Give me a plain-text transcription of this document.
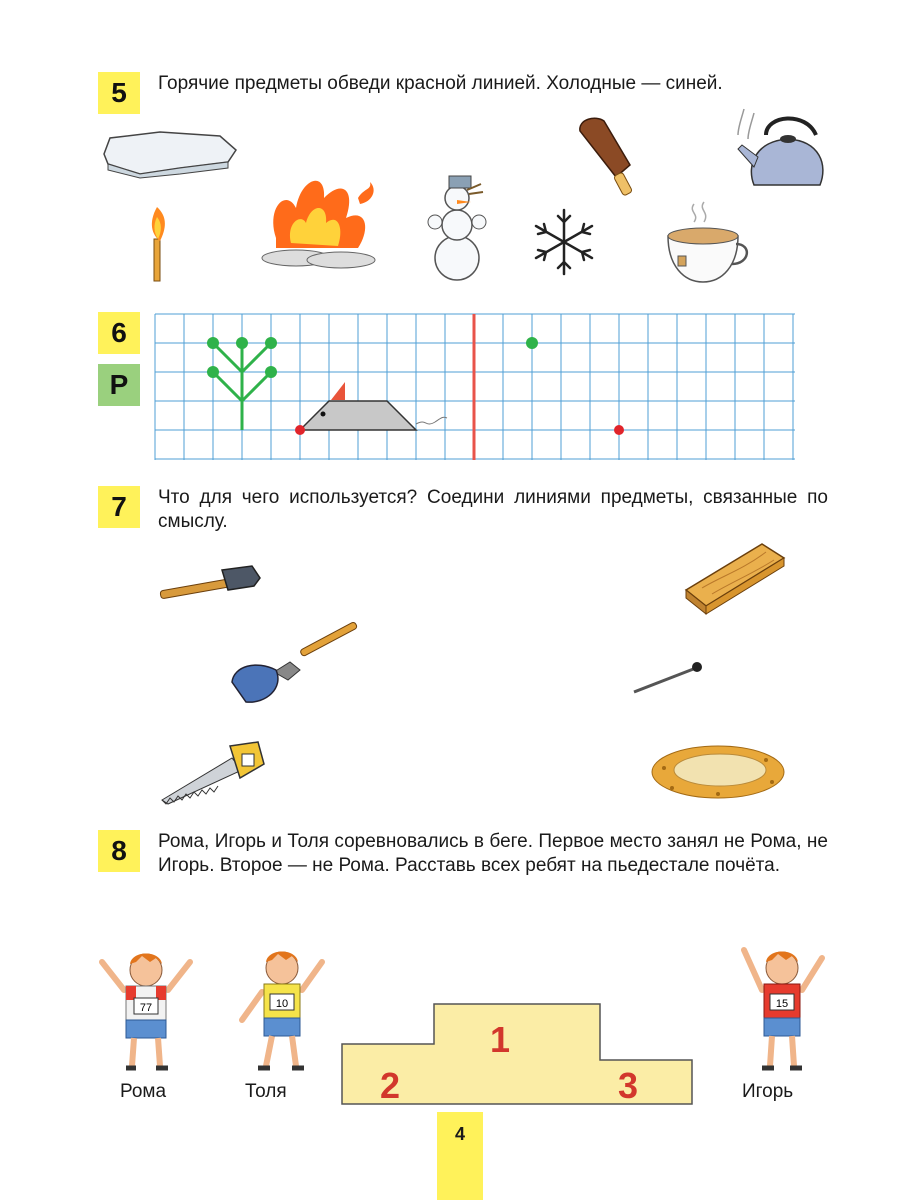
5	Горячие предметы обведи красной линией. Холодные — синей.
6
Р
7	Что для чего используется? Соедини линиями предметы, связанные по смыслу.
8	Рома, Игорь и Толя соревновались в беге. Первое место занял не Рома, не Игорь. Второе — не Рома. Расставь всех ребят на пьедестале почёта.
77
Рома
10
Толя
1
2	3
15
Игорь
4
